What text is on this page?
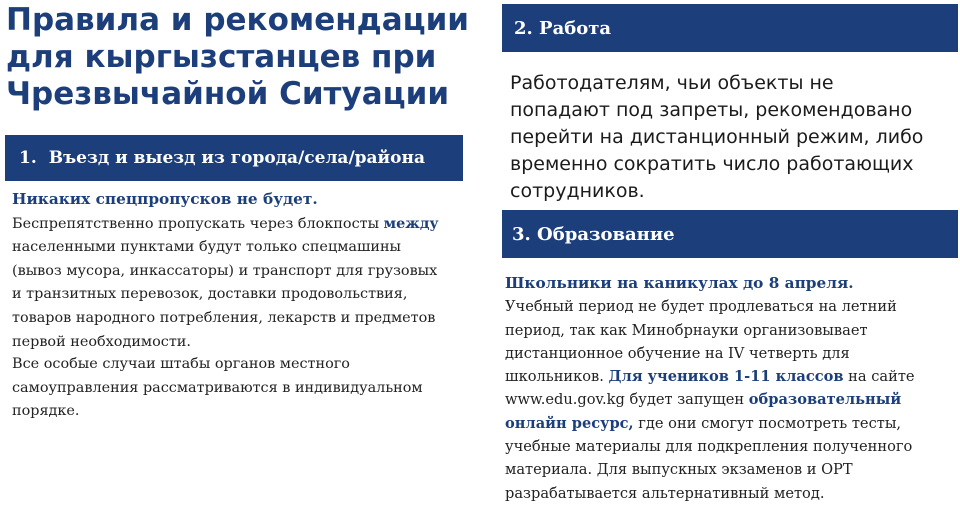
Правила и рекомендации
для кыргызстанцев при
Чрезвычайной Ситуации
1. Въезд и выезд из города/села/района
Никаких спецпропусков не будет.
Беспрепятственно пропускать через блокпосты между
населенными пунктами будут только спецмашины
(вывоз мусора, инкассаторы) и транспорт для грузовых
и транзитных перевозок, доставки продовольствия,
товаров народного потребления, лекарств и предметов
первой необходимости.
Все особые случаи штабы органов местного
самоуправления рассматриваются в индивидуальном
порядке.
2. Работа
Работодателям, чьи объекты не
попадают под запреты, рекомендовано
перейти на дистанционный режим, либо
временно сократить число работающих
сотрудников.
3. Образование
Школьники на каникулах до 8 апреля.
Учебный период не будет продлеваться на летний
период, так как Минобрнауки организовывает
дистанционное обучение на IV четверть для
школьников. Для учеников 1-11 классов на сайте
www.edu.gov.kg будет запущен образовательный
онлайн ресурс, где они смогут посмотреть тесты,
учебные материалы для подкрепления полученного
материала. Для выпускных экзаменов и ОРТ
разрабатывается альтернативный метод.
